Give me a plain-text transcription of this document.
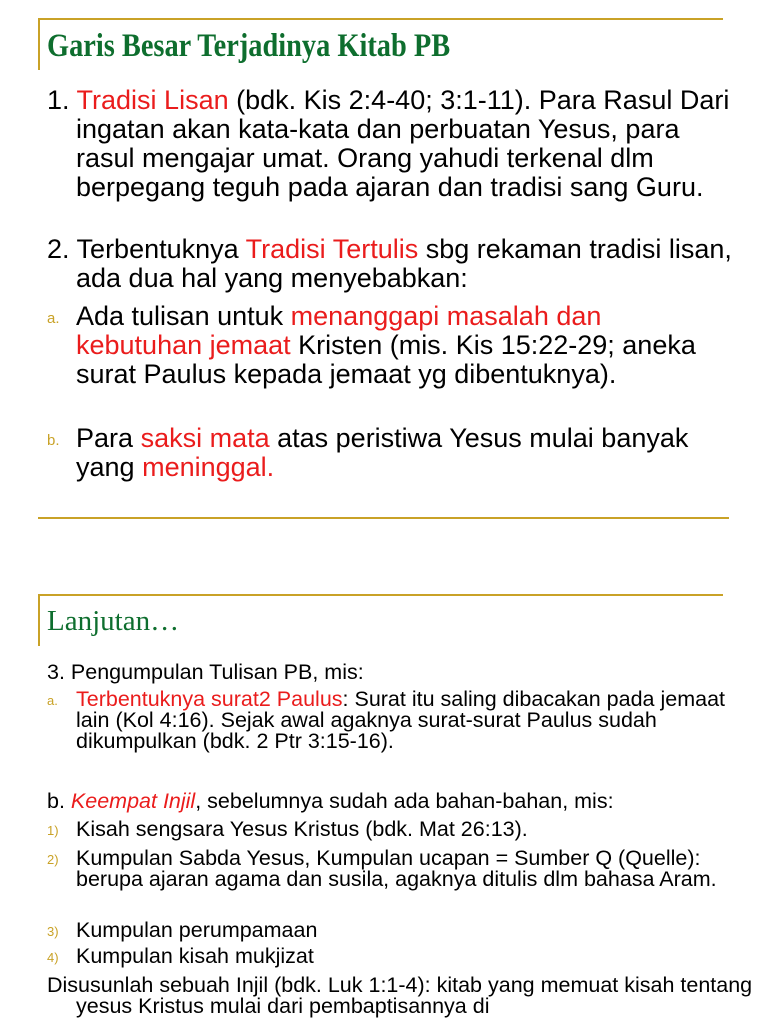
Garis Besar Terjadinya Kitab PB

1. Tradisi Lisan (bdk. Kis 2:4-40; 3:1-11). Para Rasul Dari ingatan akan kata-kata dan perbuatan Yesus, para rasul mengajar umat. Orang yahudi terkenal dlm berpegang teguh pada ajaran dan tradisi sang Guru.

2. Terbentuknya Tradisi Tertulis sbg rekaman tradisi lisan, ada dua hal yang menyebabkan:

a. Ada tulisan untuk menanggapi masalah dan kebutuhan jemaat Kristen (mis. Kis 15:22-29; aneka surat Paulus kepada jemaat yg dibentuknya).

b. Para saksi mata atas peristiwa Yesus mulai banyak yang meninggal.

Lanjutan…

3. Pengumpulan Tulisan PB, mis:

a. Terbentuknya surat2 Paulus: Surat itu saling dibacakan pada jemaat lain (Kol 4:16). Sejak awal agaknya surat-surat Paulus sudah dikumpulkan (bdk. 2 Ptr 3:15-16).

b. Keempat Injil, sebelumnya sudah ada bahan-bahan, mis:

1) Kisah sengsara Yesus Kristus (bdk. Mat 26:13).

2) Kumpulan Sabda Yesus, Kumpulan ucapan = Sumber Q (Quelle): berupa ajaran agama dan susila, agaknya ditulis dlm bahasa Aram.

3) Kumpulan perumpamaan

4) Kumpulan kisah mukjizat

Disusunlah sebuah Injil (bdk. Luk 1:1-4): kitab yang memuat kisah tentang yesus Kristus mulai dari pembaptisannya di
